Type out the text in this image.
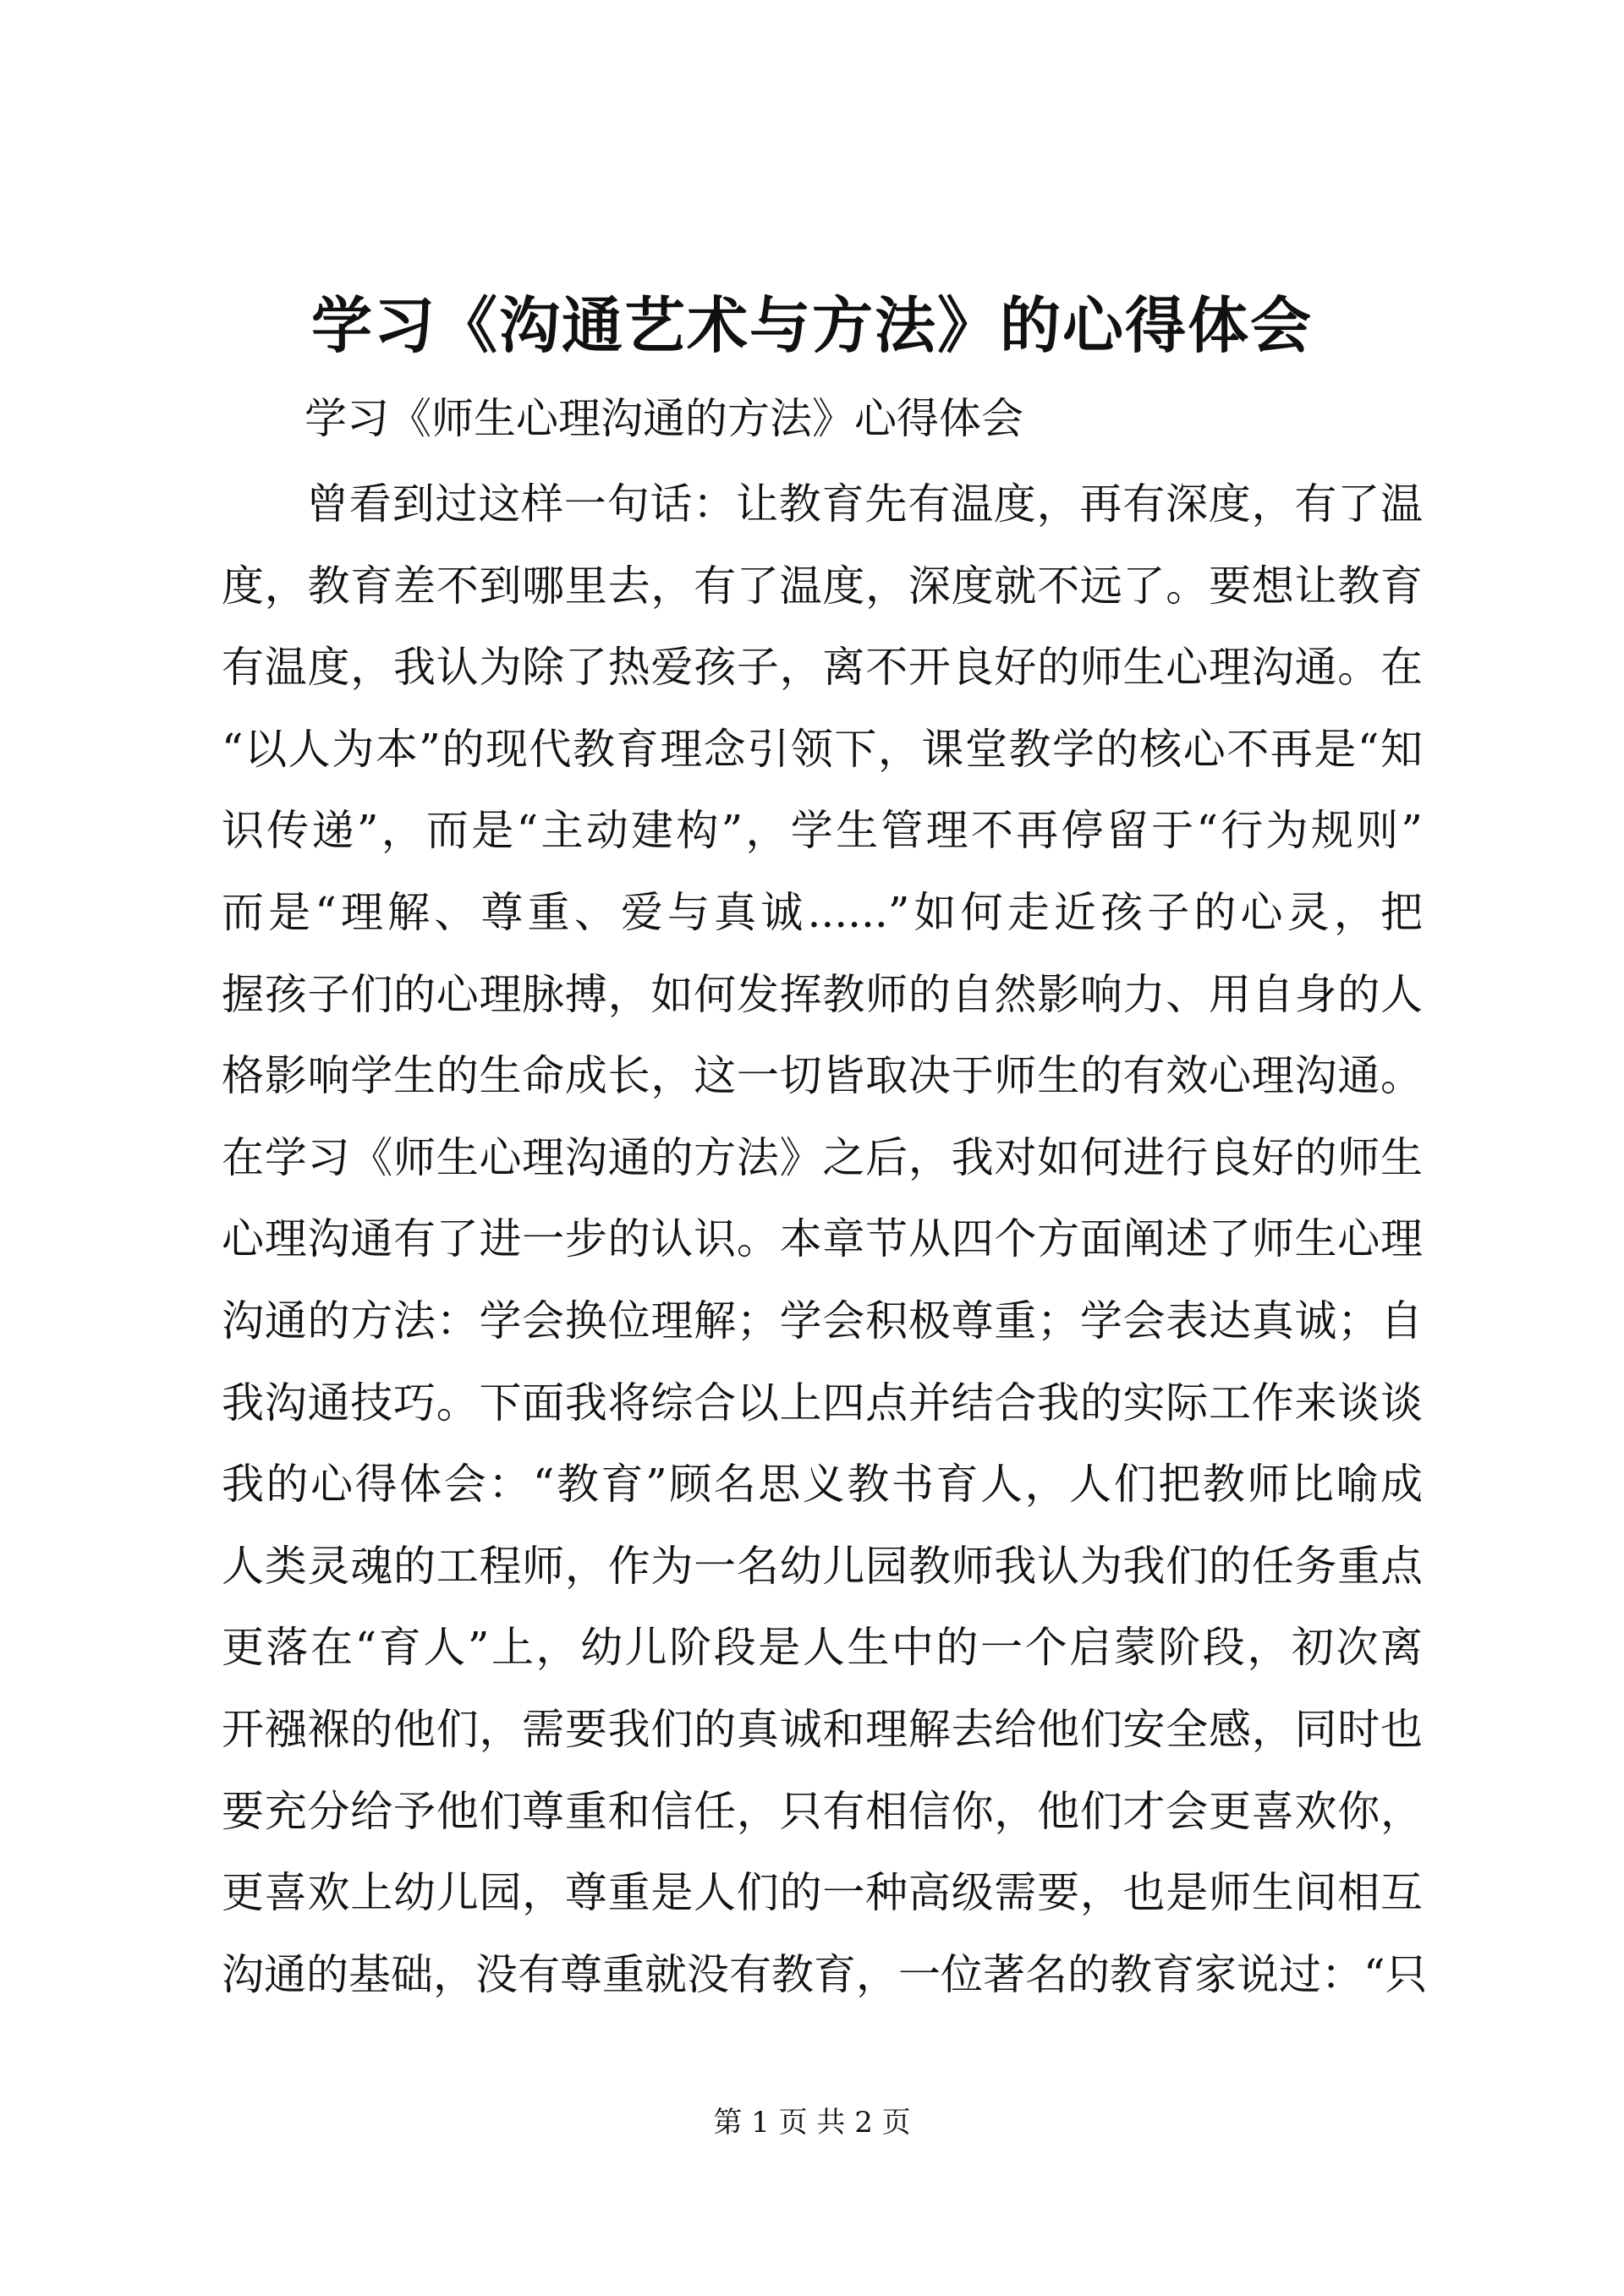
学习《沟通艺术与方法》的心得体会

学习《师生心理沟通的方法》心得体会

曾看到过这样一句话：让教育先有温度，再有深度，有了温
度，教育差不到哪里去，有了温度，深度就不远了。要想让教育
有温度，我认为除了热爱孩子，离不开良好的师生心理沟通。在
“以人为本”的现代教育理念引领下，课堂教学的核心不再是“知
识传递”，而是“主动建构”，学生管理不再停留于“行为规则”
而是“理解、尊重、爱与真诚......”如何走近孩子的心灵，把
握孩子们的心理脉搏，如何发挥教师的自然影响力、用自身的人
格影响学生的生命成长，这一切皆取决于师生的有效心理沟通。
在学习《师生心理沟通的方法》之后，我对如何进行良好的师生
心理沟通有了进一步的认识。本章节从四个方面阐述了师生心理
沟通的方法：学会换位理解；学会积极尊重；学会表达真诚；自
我沟通技巧。下面我将综合以上四点并结合我的实际工作来谈谈
我的心得体会：“教育”顾名思义教书育人，人们把教师比喻成
人类灵魂的工程师，作为一名幼儿园教师我认为我们的任务重点
更落在“育人”上，幼儿阶段是人生中的一个启蒙阶段，初次离
开襁褓的他们，需要我们的真诚和理解去给他们安全感，同时也
要充分给予他们尊重和信任，只有相信你，他们才会更喜欢你，
更喜欢上幼儿园，尊重是人们的一种高级需要，也是师生间相互
沟通的基础，没有尊重就没有教育，一位著名的教育家说过：“只

第 1 页 共 2 页
